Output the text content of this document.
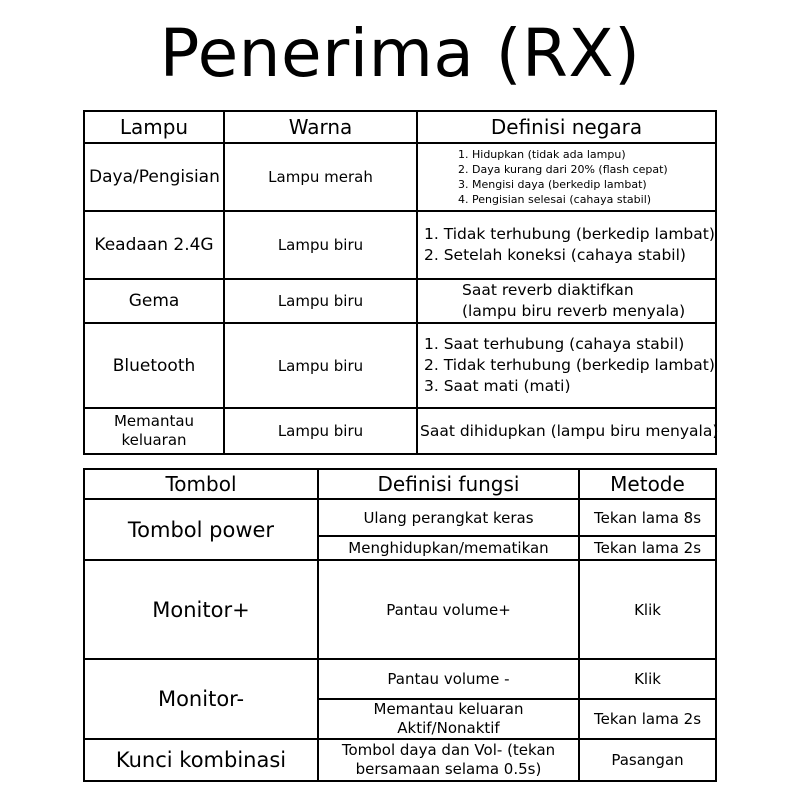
Penerima (RX)
Lampu	Warna	Definisi negara
Daya/Pengisian	Lampu merah	1. Hidupkan (tidak ada lampu)
2. Daya kurang dari 20% (flash cepat)
3. Mengisi daya (berkedip lambat)
4. Pengisian selesai (cahaya stabil)

Keadaan 2.4G	Lampu biru	1. Tidak terhubung (berkedip lambat)
2. Setelah koneksi (cahaya stabil)

Gema	Lampu biru	Saat reverb diaktifkan
(lampu biru reverb menyala)

Bluetooth	Lampu biru	1. Saat terhubung (cahaya stabil)
2. Tidak terhubung (berkedip lambat)
3. Saat mati (mati)

Memantau keluaran	Lampu biru	Saat dihidupkan (lampu biru menyala)
Tombol	Definisi fungsi	Metode
Tombol power	Ulang perangkat keras	Tekan lama 8s
	Menghidupkan/mematikan	Tekan lama 2s
Monitor+	Pantau volume+	Klik
Monitor-	Pantau volume -	Klik
	Memantau keluaran Aktif/Nonaktif	Tekan lama 2s
Kunci kombinasi	Tombol daya dan Vol- (tekan bersamaan selama 0.5s)	Pasangan
